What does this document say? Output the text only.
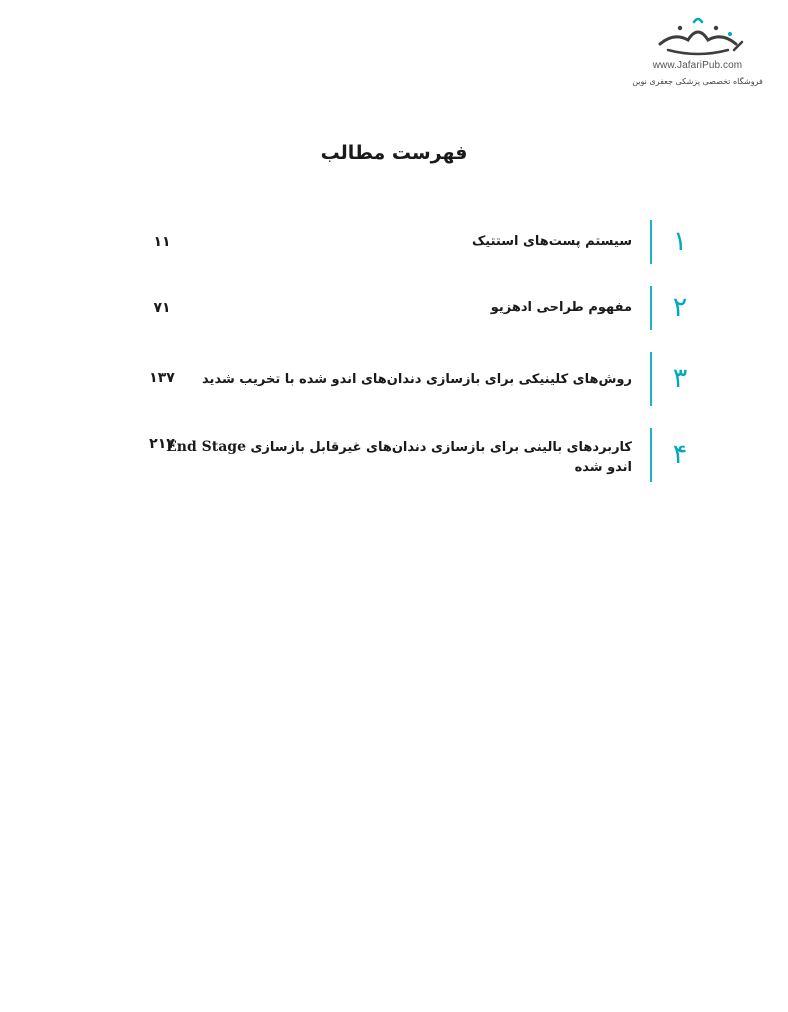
www.JafariPub.com
فروشگاه تخصصی پزشکی جعفری نوین
فهرست مطالب
۱
سیستم پست‌های استتیک
۱۱
۲
مفهوم طراحی ادهزیو
۷۱
۳
روش‌های کلینیکی برای بازسازی دندان‌های اندو شده با تخریب شدید
۱۳۷
۴
کاربردهای بالینی برای بازسازی دندان‌های غیرقابل بازسازی End Stage
اندو شده
۲۱۷
